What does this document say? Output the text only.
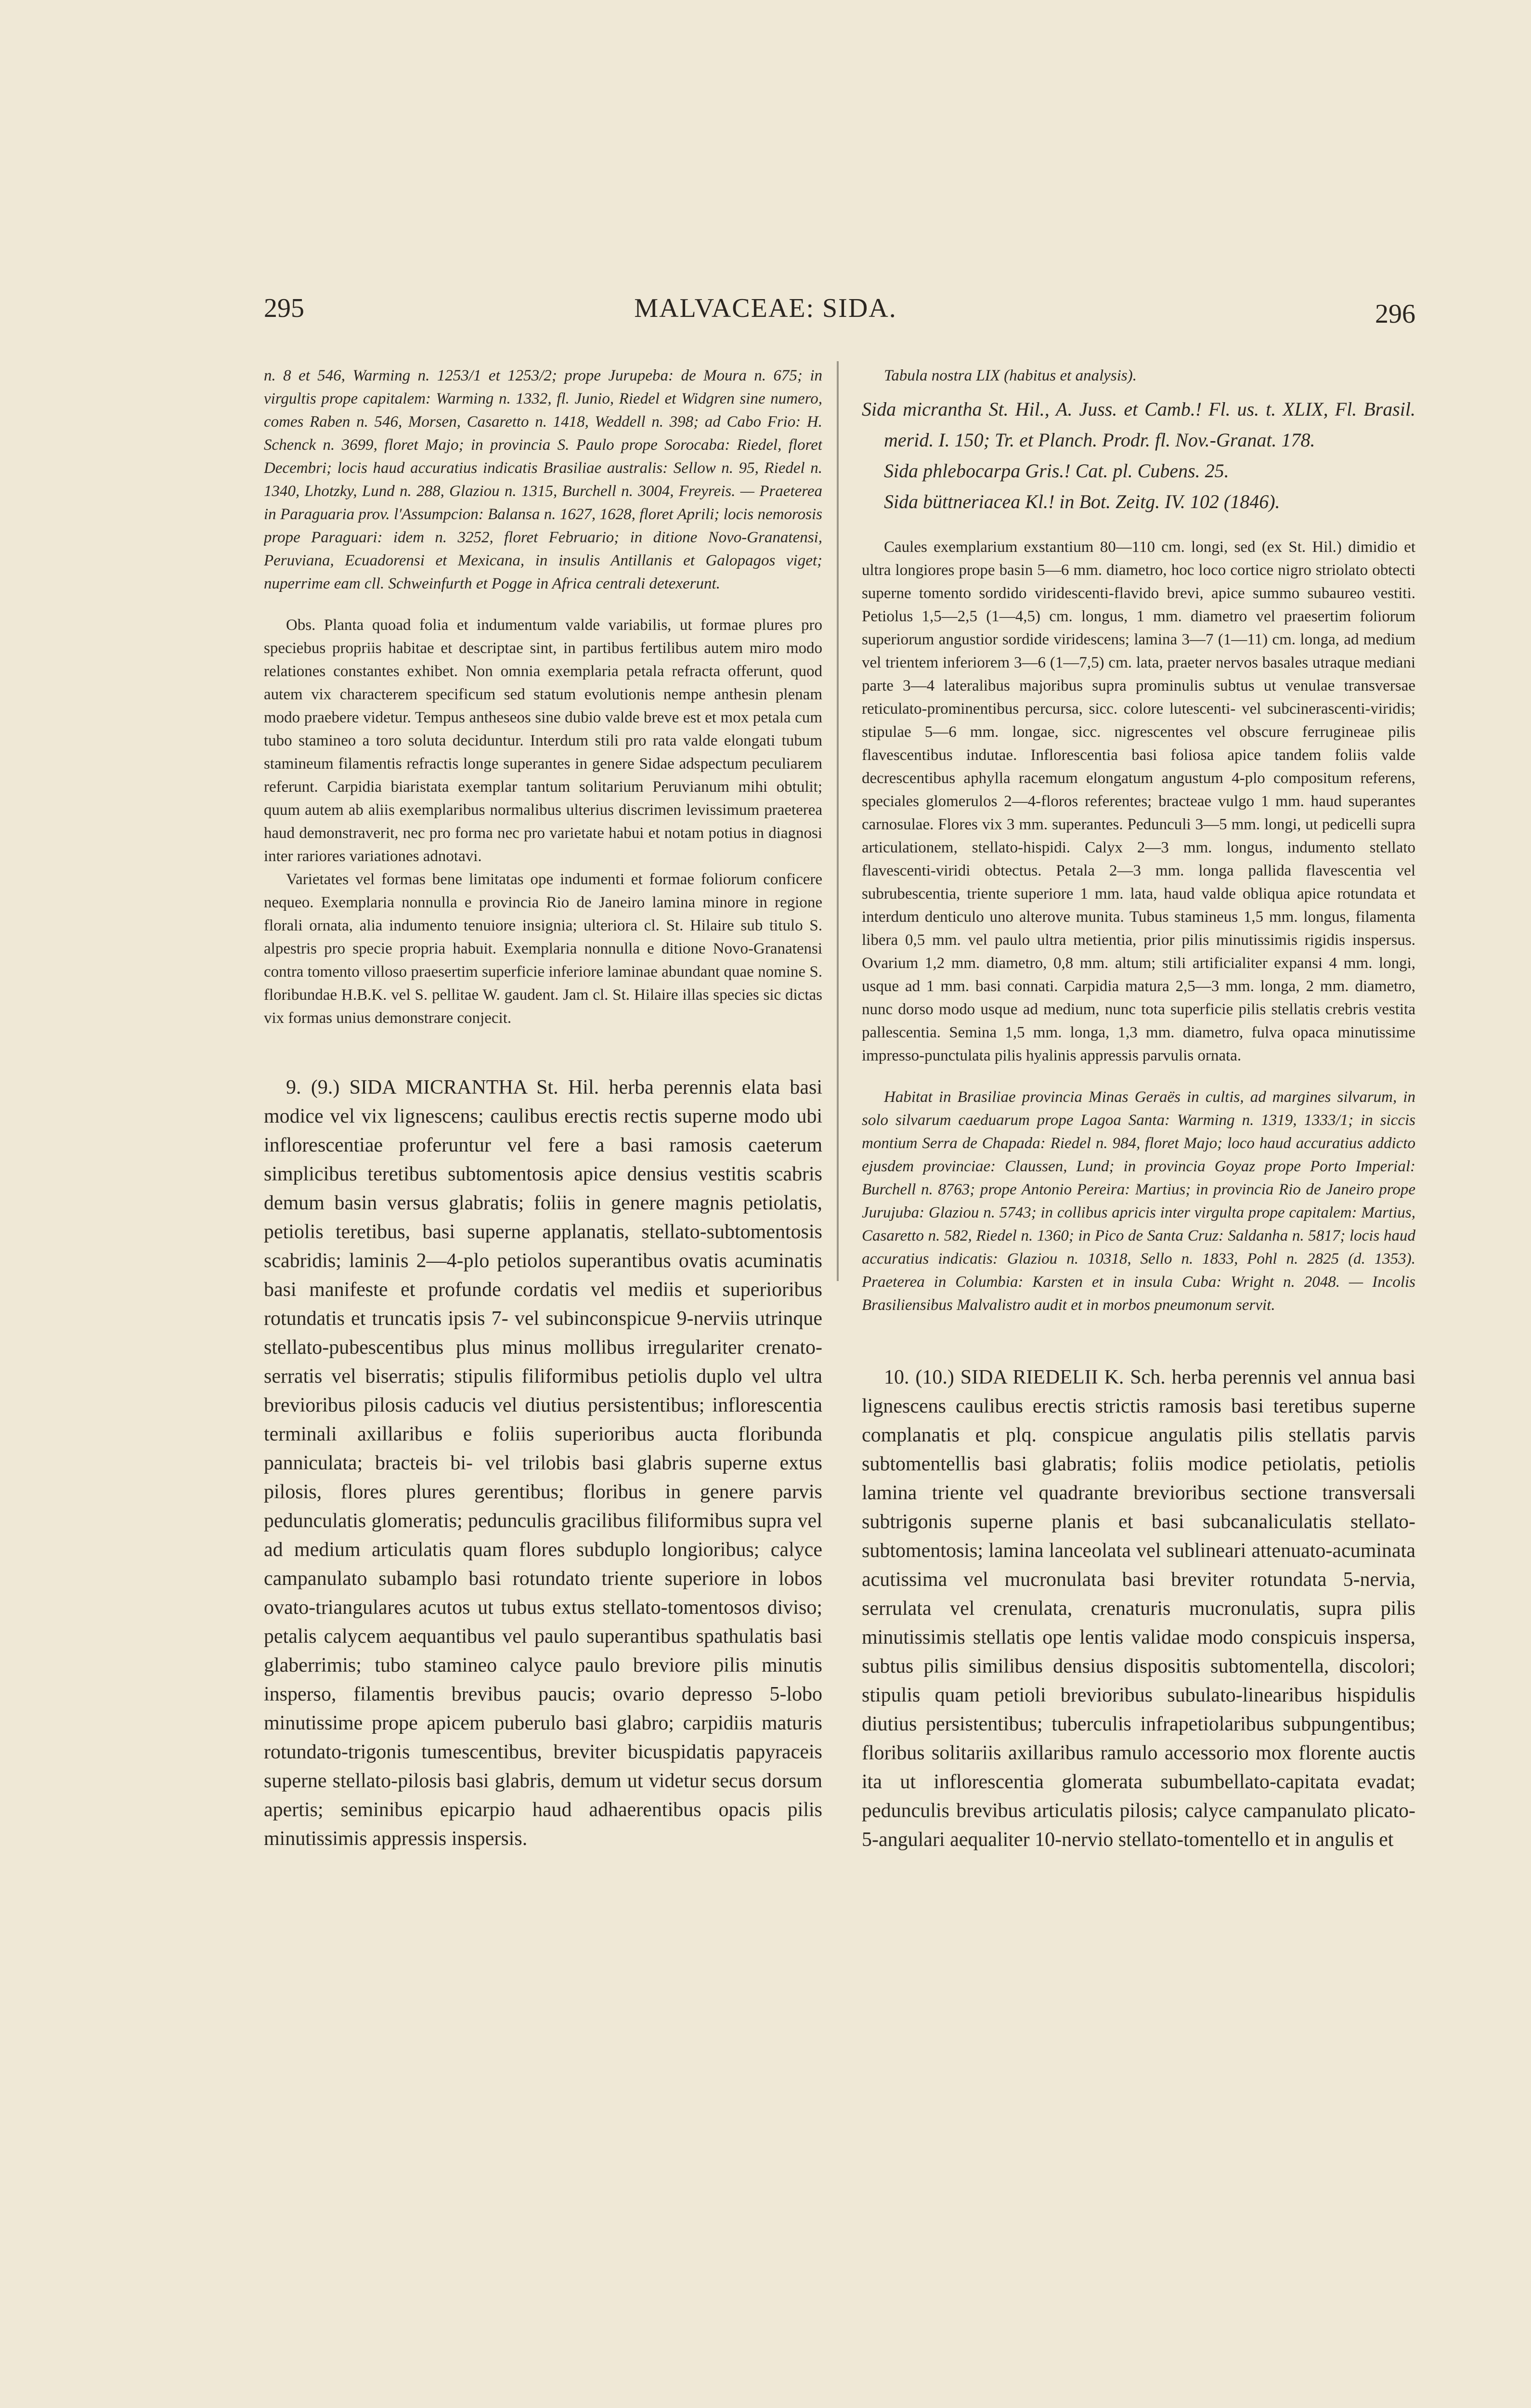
295	MALVACEAE: SIDA.	296

n. 8 et 546, Warming n. 1253/1 et 1253/2; prope Jurupeba: de Moura n. 675; in virgultis prope capitalem: Warming n. 1332, fl. Junio, Riedel et Widgren sine numero, comes Raben n. 546, Morsen, Casaretto n. 1418, Weddell n. 398; ad Cabo Frio: H. Schenck n. 3699, floret Majo; in provincia S. Paulo prope Sorocaba: Riedel, floret Decembri; locis haud accuratius indicatis Brasiliae australis: Sellow n. 95, Riedel n. 1340, Lhotzky, Lund n. 288, Glaziou n. 1315, Burchell n. 3004, Freyreis. — Praeterea in Paraguaria prov. l'Assumpcion: Balansa n. 1627, 1628, floret Aprili; locis nemorosis prope Paraguari: idem n. 3252, floret Februario; in ditione Novo-Granatensi, Peruviana, Ecuadorensi et Mexicana, in insulis Antillanis et Galopagos viget; nuperrime eam cll. Schweinfurth et Pogge in Africa centrali detexerunt.

Obs. Planta quoad folia et indumentum valde variabilis, ut formae plures pro speciebus propriis habitae et descriptae sint, in partibus fertilibus autem miro modo relationes constantes exhibet. Non omnia exemplaria petala refracta offerunt, quod autem vix characterem specificum sed statum evolutionis nempe anthesin plenam modo praebere videtur. Tempus antheseos sine dubio valde breve est et mox petala cum tubo stamineo a toro soluta deciduntur. Interdum stili pro rata valde elongati tubum stamineum filamentis refractis longe superantes in genere Sidae adspectum peculiarem referunt. Carpidia biaristata exemplar tantum solitarium Peruvianum mihi obtulit; quum autem ab aliis exemplaribus normalibus ulterius discrimen levissimum praeterea haud demonstraverit, nec pro forma nec pro varietate habui et notam potius in diagnosi inter rariores variationes adnotavi.

Varietates vel formas bene limitatas ope indumenti et formae foliorum conficere nequeo. Exemplaria nonnulla e provincia Rio de Janeiro lamina minore in regione florali ornata, alia indumento tenuiore insignia; ulteriora cl. St. Hilaire sub titulo S. alpestris pro specie propria habuit. Exemplaria nonnulla e ditione Novo-Granatensi contra tomento villoso praesertim superficie inferiore laminae abundant quae nomine S. floribundae H.B.K. vel S. pellitae W. gaudent. Jam cl. St. Hilaire illas species sic dictas vix formas unius demonstrare conjecit.

9. (9.) SIDA MICRANTHA St. Hil. herba perennis elata basi modice vel vix lignescens; caulibus erectis rectis superne modo ubi inflorescentiae proferuntur vel fere a basi ramosis caeterum simplicibus teretibus subtomentosis apice densius vestitis scabris demum basin versus glabratis; foliis in genere magnis petiolatis, petiolis teretibus, basi superne applanatis, stellato-subtomentosis scabridis; laminis 2—4-plo petiolos superantibus ovatis acuminatis basi manifeste et profunde cordatis vel mediis et superioribus rotundatis et truncatis ipsis 7- vel subinconspicue 9-nerviis utrinque stellato-pubescentibus plus minus mollibus irregulariter crenato-serratis vel biserratis; stipulis filiformibus petiolis duplo vel ultra brevioribus pilosis caducis vel diutius persistentibus; inflorescentia terminali axillaribus e foliis superioribus aucta floribunda panniculata; bracteis bi- vel trilobis basi glabris superne extus pilosis, flores plures gerentibus; floribus in genere parvis pedunculatis glomeratis; pedunculis gracilibus filiformibus supra vel ad medium articulatis quam flores subduplo longioribus; calyce campanulato subamplo basi rotundato triente superiore in lobos ovato-triangulares acutos ut tubus extus stellato-tomentosos diviso; petalis calycem aequantibus vel paulo superantibus spathulatis basi glaberrimis; tubo stamineo calyce paulo breviore pilis minutis insperso, filamentis brevibus paucis; ovario depresso 5-lobo minutissime prope apicem puberulo basi glabro; carpidiis maturis rotundato-trigonis tumescentibus, breviter bicuspidatis papyraceis superne stellato-pilosis basi glabris, demum ut videtur secus dorsum apertis; seminibus epicarpio haud adhaerentibus opacis pilis minutissimis appressis inspersis.

Tabula nostra LIX (habitus et analysis).

Sida micrantha St. Hil., A. Juss. et Camb.! Fl. us. t. XLIX, Fl. Brasil. merid. I. 150; Tr. et Planch. Prodr. fl. Nov.-Granat. 178.

Sida phlebocarpa Gris.! Cat. pl. Cubens. 25.

Sida büttneriacea Kl.! in Bot. Zeitg. IV. 102 (1846).

Caules exemplarium exstantium 80—110 cm. longi, sed (ex St. Hil.) dimidio et ultra longiores prope basin 5—6 mm. diametro, hoc loco cortice nigro striolato obtecti superne tomento sordido viridescenti-flavido brevi, apice summo subaureo vestiti. Petiolus 1,5—2,5 (1—4,5) cm. longus, 1 mm. diametro vel praesertim foliorum superiorum angustior sordide viridescens; lamina 3—7 (1—11) cm. longa, ad medium vel trientem inferiorem 3—6 (1—7,5) cm. lata, praeter nervos basales utraque mediani parte 3—4 lateralibus majoribus supra prominulis subtus ut venulae transversae reticulato-prominentibus percursa, sicc. colore lutescenti- vel subcinerascenti-viridis; stipulae 5—6 mm. longae, sicc. nigrescentes vel obscure ferrugineae pilis flavescentibus indutae. Inflorescentia basi foliosa apice tandem foliis valde decrescentibus aphylla racemum elongatum angustum 4-plo compositum referens, speciales glomerulos 2—4-floros referentes; bracteae vulgo 1 mm. haud superantes carnosulae. Flores vix 3 mm. superantes. Pedunculi 3—5 mm. longi, ut pedicelli supra articulationem, stellato-hispidi. Calyx 2—3 mm. longus, indumento stellato flavescenti-viridi obtectus. Petala 2—3 mm. longa pallida flavescentia vel subrubescentia, triente superiore 1 mm. lata, haud valde obliqua apice rotundata et interdum denticulo uno alterove munita. Tubus stamineus 1,5 mm. longus, filamenta libera 0,5 mm. vel paulo ultra metientia, prior pilis minutissimis rigidis inspersus. Ovarium 1,2 mm. diametro, 0,8 mm. altum; stili artificialiter expansi 4 mm. longi, usque ad 1 mm. basi connati. Carpidia matura 2,5—3 mm. longa, 2 mm. diametro, nunc dorso modo usque ad medium, nunc tota superficie pilis stellatis crebris vestita pallescentia. Semina 1,5 mm. longa, 1,3 mm. diametro, fulva opaca minutissime impresso-punctulata pilis hyalinis appressis parvulis ornata.

Habitat in Brasiliae provincia Minas Geraës in cultis, ad margines silvarum, in solo silvarum caeduarum prope Lagoa Santa: Warming n. 1319, 1333/1; in siccis montium Serra de Chapada: Riedel n. 984, floret Majo; loco haud accuratius addicto ejusdem provinciae: Claussen, Lund; in provincia Goyaz prope Porto Imperial: Burchell n. 8763; prope Antonio Pereira: Martius; in provincia Rio de Janeiro prope Jurujuba: Glaziou n. 5743; in collibus apricis inter virgulta prope capitalem: Martius, Casaretto n. 582, Riedel n. 1360; in Pico de Santa Cruz: Saldanha n. 5817; locis haud accuratius indicatis: Glaziou n. 10318, Sello n. 1833, Pohl n. 2825 (d. 1353). Praeterea in Columbia: Karsten et in insula Cuba: Wright n. 2048. — Incolis Brasiliensibus Malvalistro audit et in morbos pneumonum servit.

10. (10.) SIDA RIEDELII K. Sch. herba perennis vel annua basi lignescens caulibus erectis strictis ramosis basi teretibus superne complanatis et plq. conspicue angulatis pilis stellatis parvis subtomentellis basi glabratis; foliis modice petiolatis, petiolis lamina triente vel quadrante brevioribus sectione transversali subtrigonis superne planis et basi subcanaliculatis stellato-subtomentosis; lamina lanceolata vel sublineari attenuato-acuminata acutissima vel mucronulata basi breviter rotundata 5-nervia, serrulata vel crenulata, crenaturis mucronulatis, supra pilis minutissimis stellatis ope lentis validae modo conspicuis inspersa, subtus pilis similibus densius dispositis subtomentella, discolori; stipulis quam petioli brevioribus subulato-linearibus hispidulis diutius persistentibus; tuberculis infrapetiolaribus subpungentibus; floribus solitariis axillaribus ramulo accessorio mox florente auctis ita ut inflorescentia glomerata subumbellato-capitata evadat; pedunculis brevibus articulatis pilosis; calyce campanulato plicato-5-angulari aequaliter 10-nervio stellato-tomentello et in angulis et
